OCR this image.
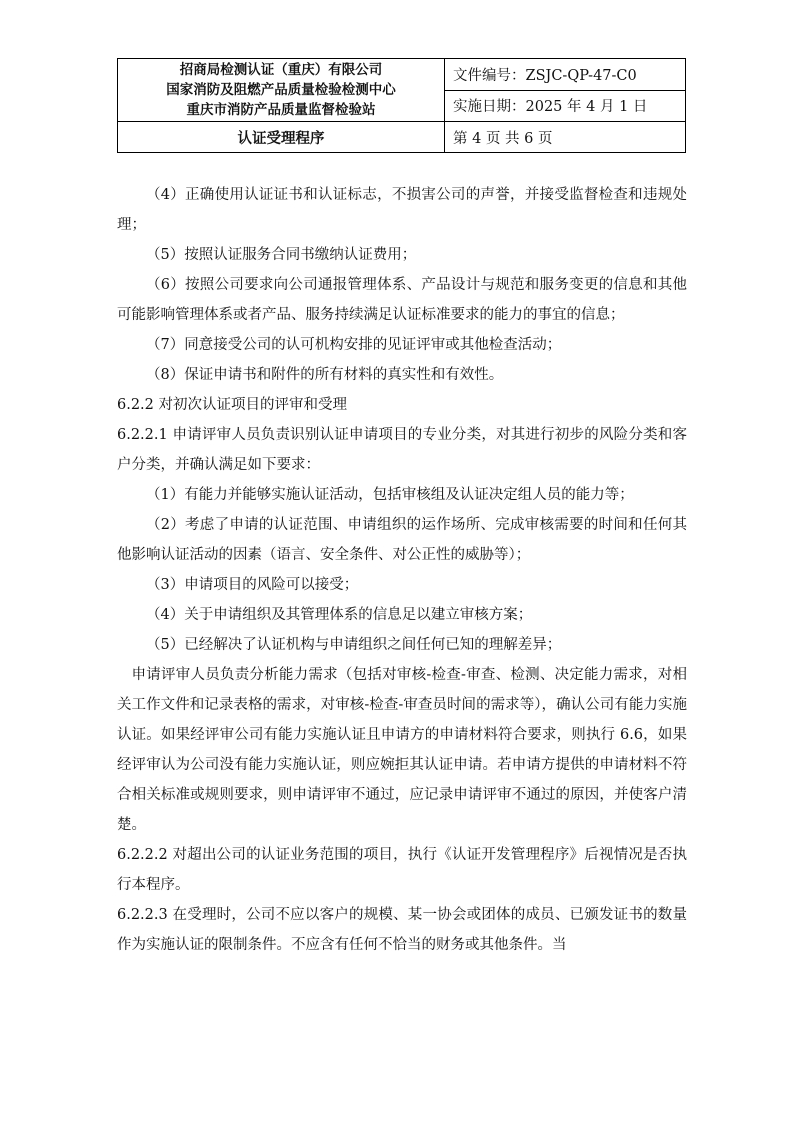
招商局检测认证（重庆）有限公司
国家消防及阻燃产品质量检验检测中心
重庆市消防产品质量监督检验站	文件编号：ZSJC-QP-47-C0
	实施日期：2025 年 4 月 1 日
认证受理程序	第 4 页 共 6 页

（4）正确使用认证证书和认证标志，不损害公司的声誉，并接受监督检查和违规处理；

（5）按照认证服务合同书缴纳认证费用；

（6）按照公司要求向公司通报管理体系、产品设计与规范和服务变更的信息和其他可能影响管理体系或者产品、服务持续满足认证标准要求的能力的事宜的信息；

（7）同意接受公司的认可机构安排的见证评审或其他检查活动；

（8）保证申请书和附件的所有材料的真实性和有效性。

6.2.2 对初次认证项目的评审和受理

6.2.2.1 申请评审人员负责识别认证申请项目的专业分类，对其进行初步的风险分类和客户分类，并确认满足如下要求：

（1）有能力并能够实施认证活动，包括审核组及认证决定组人员的能力等；

（2）考虑了申请的认证范围、申请组织的运作场所、完成审核需要的时间和任何其他影响认证活动的因素（语言、安全条件、对公正性的威胁等）；

（3）申请项目的风险可以接受；

（4）关于申请组织及其管理体系的信息足以建立审核方案；

（5）已经解决了认证机构与申请组织之间任何已知的理解差异；

申请评审人员负责分析能力需求（包括对审核-检查-审查、检测、决定能力需求，对相关工作文件和记录表格的需求，对审核-检查-审查员时间的需求等），确认公司有能力实施认证。如果经评审公司有能力实施认证且申请方的申请材料符合要求，则执行 6.6，如果经评审认为公司没有能力实施认证，则应婉拒其认证申请。若申请方提供的申请材料不符合相关标准或规则要求，则申请评审不通过，应记录申请评审不通过的原因，并使客户清楚。

6.2.2.2 对超出公司的认证业务范围的项目，执行《认证开发管理程序》后视情况是否执行本程序。

6.2.2.3 在受理时，公司不应以客户的规模、某一协会或团体的成员、已颁发证书的数量作为实施认证的限制条件。不应含有任何不恰当的财务或其他条件。当
